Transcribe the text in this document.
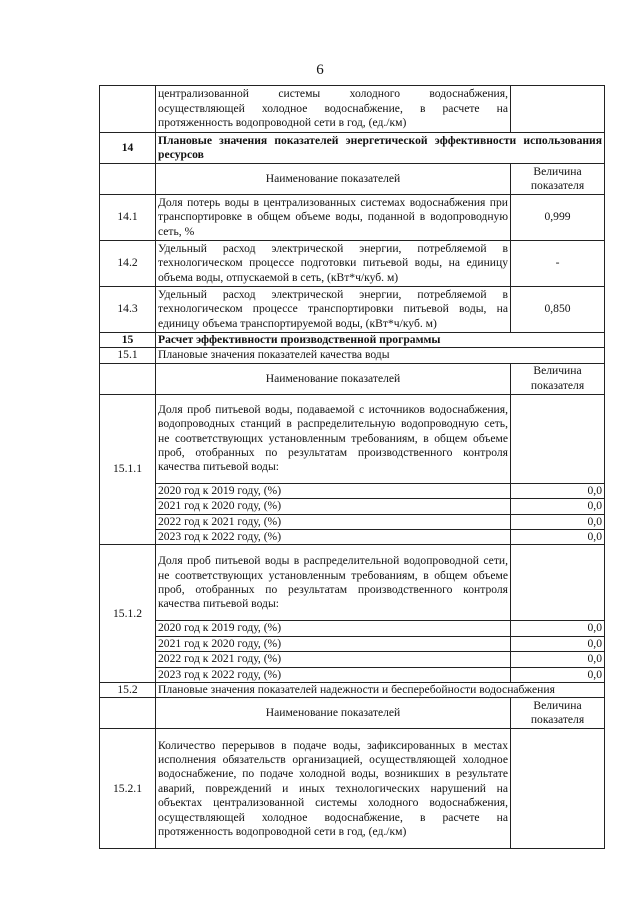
6
	централизованной системы холодного водоснабжения, осуществляющей холодное водоснабжение, в расчете на протяженность водопроводной сети в год, (ед./км)	
14	Плановые значения показателей энергетической эффективности использования ресурсов	
	Наименование показателей	Величина показателя
14.1	Доля потерь воды в централизованных системах водоснабжения при транспортировке в общем объеме воды, поданной в водопроводную сеть, %	0,999
14.2	Удельный расход электрической энергии, потребляемой в технологическом процессе подготовки питьевой воды, на единицу объема воды, отпускаемой в сеть, (кВт*ч/куб. м)	-
14.3	Удельный расход электрической энергии, потребляемой в технологическом процессе транспортировки питьевой воды, на единицу объема транспортируемой воды, (кВт*ч/куб. м)	0,850
15	Расчет эффективности производственной программы	
15.1	Плановые значения показателей качества воды	
	Наименование показателей	Величина показателя
15.1.1	Доля проб питьевой воды, подаваемой с источников водоснабжения, водопроводных станций в распределительную водопроводную сеть, не соответствующих установленным требованиям, в общем объеме проб, отобранных по результатам производственного контроля качества питьевой воды:	
	2020 год к 2019 году, (%)	0,0
	2021 год к 2020 году, (%)	0,0
	2022 год к 2021 году, (%)	0,0
	2023 год к 2022 году, (%)	0,0
15.1.2	Доля проб питьевой воды в распределительной водопроводной сети, не соответствующих установленным требованиям, в общем объеме проб, отобранных по результатам производственного контроля качества питьевой воды:	
	2020 год к 2019 году, (%)	0,0
	2021 год к 2020 году, (%)	0,0
	2022 год к 2021 году, (%)	0,0
	2023 год к 2022 году, (%)	0,0
15.2	Плановые значения показателей надежности и бесперебойности водоснабжения	
	Наименование показателей	Величина показателя
15.2.1	Количество перерывов в подаче воды, зафиксированных в местах исполнения обязательств организацией, осуществляющей холодное водоснабжение, по подаче холодной воды, возникших в результате аварий, повреждений и иных технологических нарушений на объектах централизованной системы холодного водоснабжения, осуществляющей холодное водоснабжение, в расчете на протяженность водопроводной сети в год, (ед./км)	
